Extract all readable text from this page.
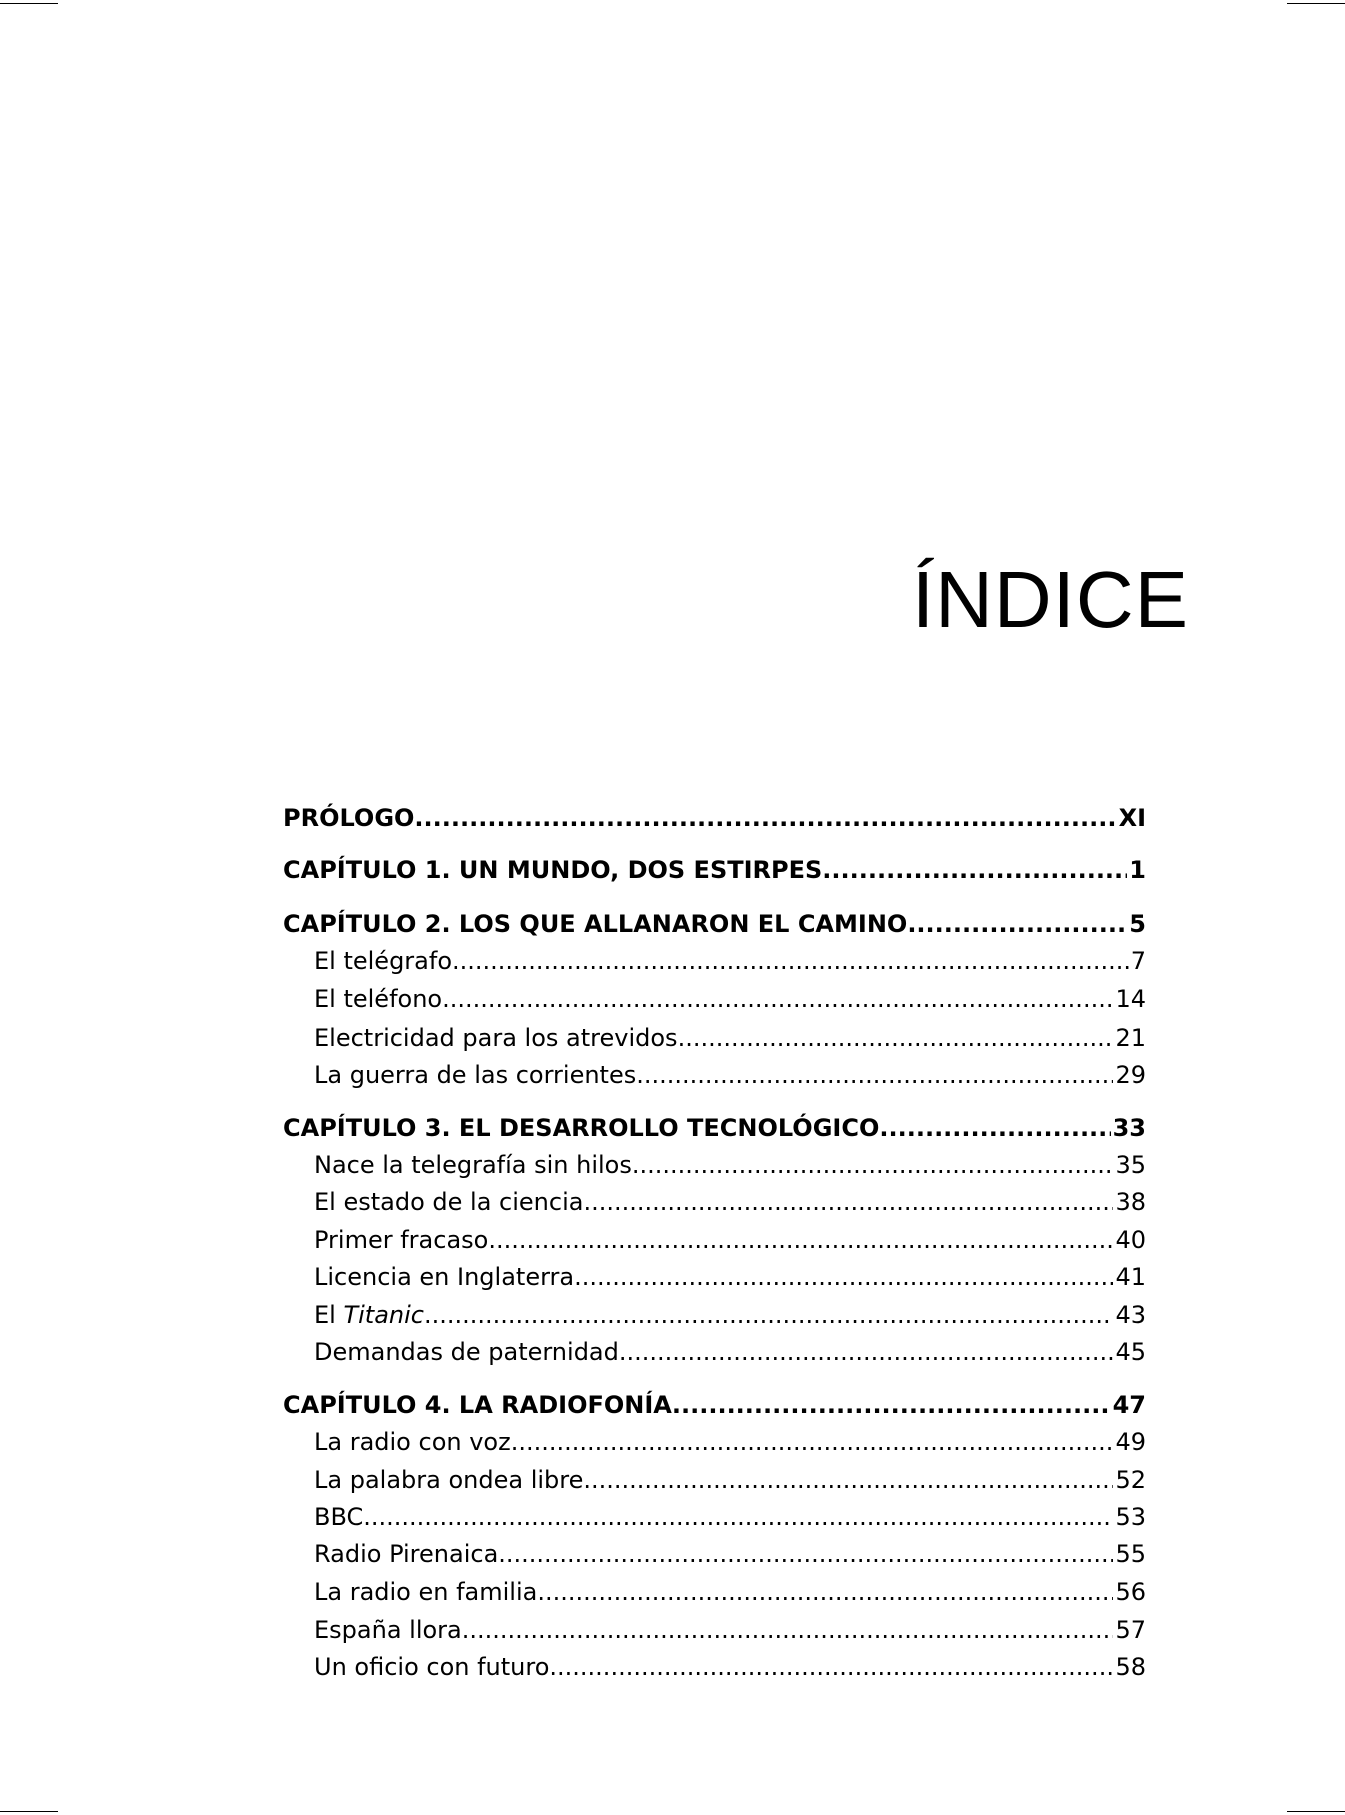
ÍNDICE
PRÓLOGO .....	XI
CAPÍTULO 1. UN MUNDO, DOS ESTIRPES .....	1
CAPÍTULO 2. LOS QUE ALLANARON EL CAMINO .....	5
El telégrafo .....	7
El teléfono .....	14
Electricidad para los atrevidos .....	21
La guerra de las corrientes .....	29
CAPÍTULO 3. EL DESARROLLO TECNOLÓGICO .....	33
Nace la telegrafía sin hilos .....	35
El estado de la ciencia .....	38
Primer fracaso .....	40
Licencia en Inglaterra .....	41
El Titanic .....	43
Demandas de paternidad .....	45
CAPÍTULO 4. LA RADIOFONÍA .....	47
La radio con voz .....	49
La palabra ondea libre .....	52
BBC .....	53
Radio Pirenaica .....	55
La radio en familia .....	56
España llora .....	57
Un oficio con futuro .....	58
